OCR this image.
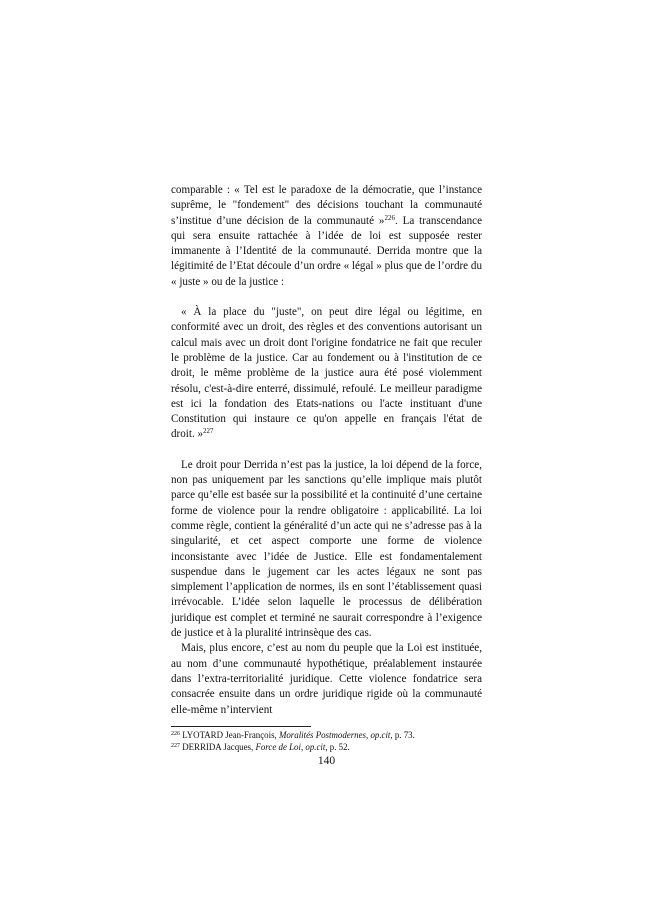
comparable : « Tel est le paradoxe de la démocratie, que l’instance suprême, le "fondement" des décisions touchant la communauté s’institue d’une décision de la communauté »$^{226}$. La transcendance qui sera ensuite rattachée à l’idée de loi est supposée rester immanente à l’Identité de la communauté. Derrida montre que la légitimité de l’Etat découle d’un ordre « légal » plus que de l’ordre du « juste » ou de la justice :

« À la place du "juste", on peut dire légal ou légitime, en conformité avec un droit, des règles et des conventions autorisant un calcul mais avec un droit dont l'origine fondatrice ne fait que reculer le problème de la justice. Car au fondement ou à l'institution de ce droit, le même problème de la justice aura été posé violemment résolu, c'est-à-dire enterré, dissimulé, refoulé. Le meilleur paradigme est ici la fondation des Etats-nations ou l'acte instituant d'une Constitution qui instaure ce qu'on appelle en français l'état de droit. »$^{227}$

Le droit pour Derrida n’est pas la justice, la loi dépend de la force, non pas uniquement par les sanctions qu’elle implique mais plutôt parce qu’elle est basée sur la possibilité et la continuité d’une certaine forme de violence pour la rendre obligatoire : applicabilité. La loi comme règle, contient la généralité d’un acte qui ne s’adresse pas à la singularité, et cet aspect comporte une forme de violence inconsistante avec l’idée de Justice. Elle est fondamentalement suspendue dans le jugement car les actes légaux ne sont pas simplement l’application de normes, ils en sont l’établissement quasi irrévocable. L’idée selon laquelle le processus de délibération juridique est complet et terminé ne saurait correspondre à l’exigence de justice et à la pluralité intrinsèque des cas.

Mais, plus encore, c’est au nom du peuple que la Loi est instituée, au nom d’une communauté hypothétique, préalablement instaurée dans l’extra-territorialité juridique. Cette violence fondatrice sera consacrée ensuite dans un ordre juridique rigide où la communauté elle-même n’intervient

$^{226}$ LYOTARD Jean-François, Moralités Postmodernes, op.cit, p. 73.

$^{227}$ DERRIDA Jacques, Force de Loi, op.cit, p. 52.

140
